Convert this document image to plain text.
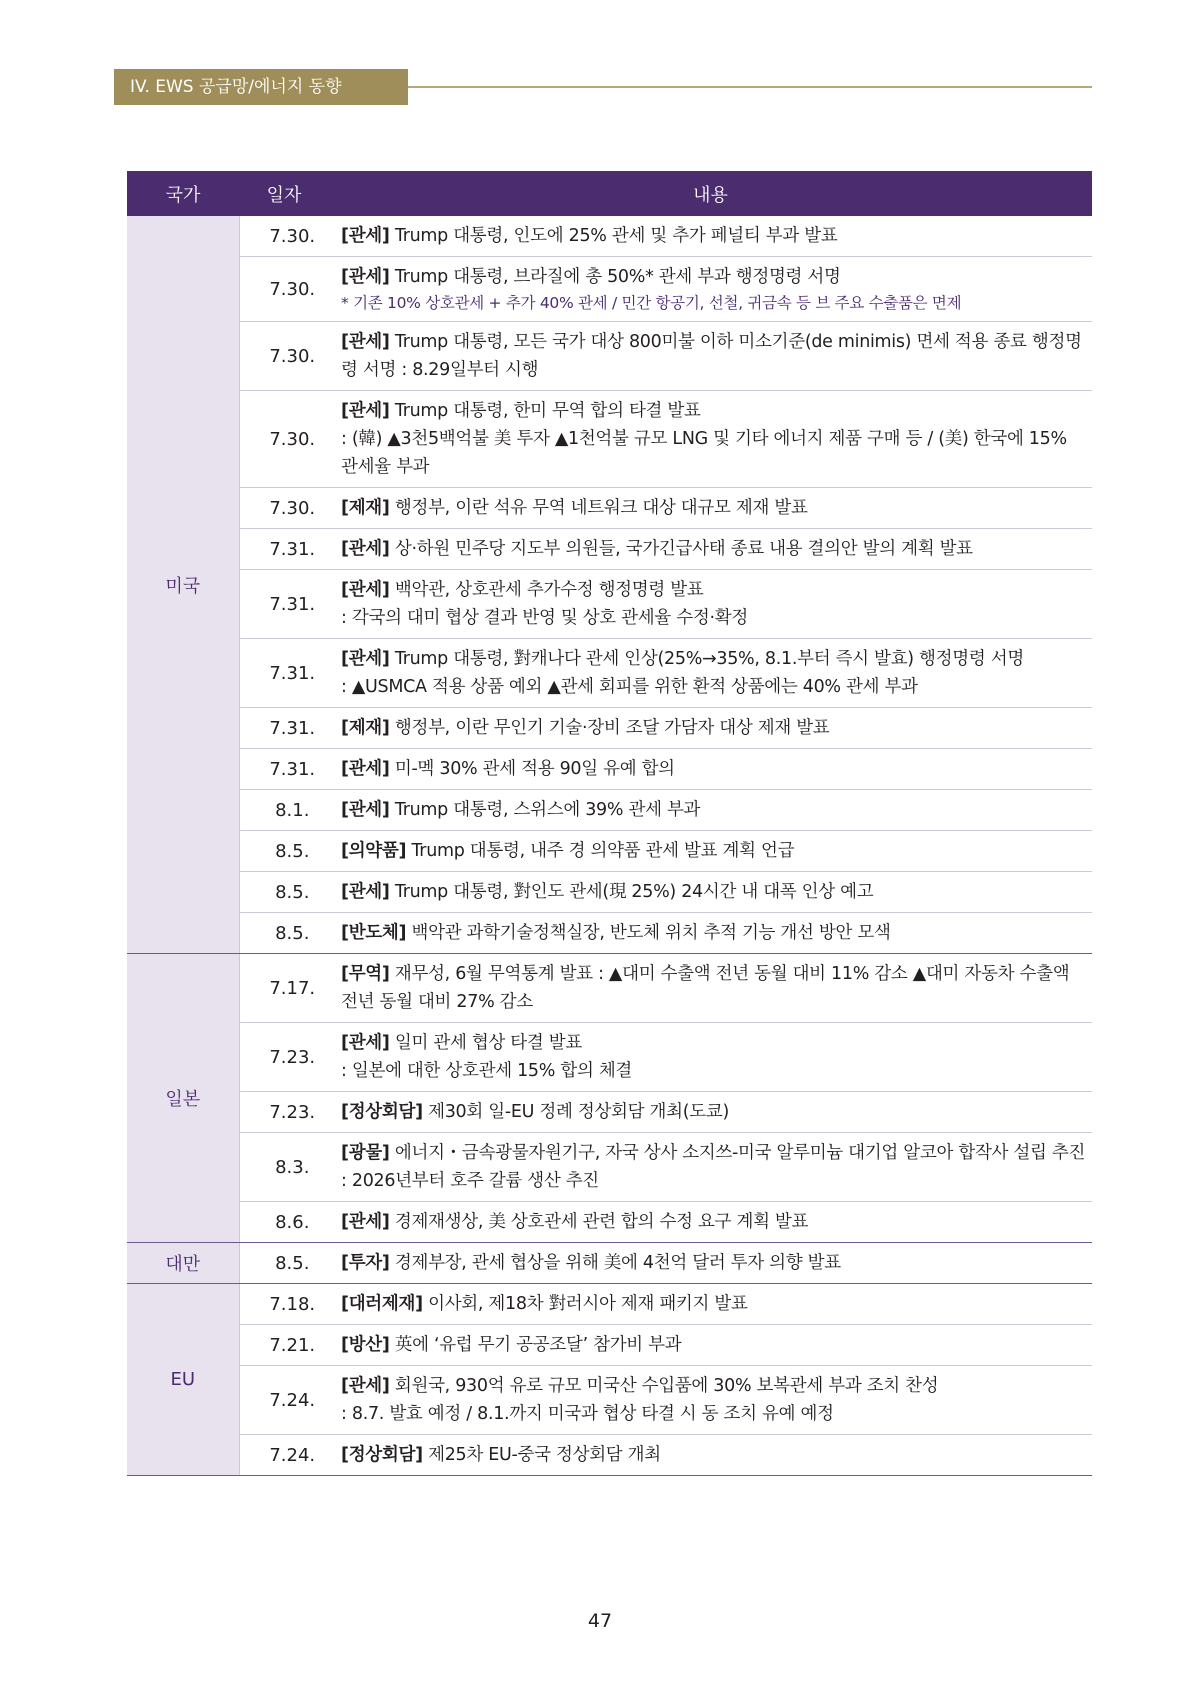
IV. EWS 공급망/에너지 동향
국가	일자	내용
미국	7.30.	[관세] Trump 대통령, 인도에 25% 관세 및 추가 페널티 부과 발표

	7.30.	[관세] Trump 대통령, 브라질에 총 50%* 관세 부과 행정명령 서명
* 기존 10% 상호관세 + 추가 40% 관세 / 민간 항공기, 선철, 귀금속 등 브 주요 수출품은 면제

	7.30.	[관세] Trump 대통령, 모든 국가 대상 800미불 이하 미소기준(de minimis) 면세 적용 종료 행정명령 서명 : 8.29일부터 시행

	7.30.	[관세] Trump 대통령, 한미 무역 합의 타결 발표
: (韓) ▲3천5백억불 美 투자 ▲1천억불 규모 LNG 및 기타 에너지 제품 구매 등 / (美) 한국에 15% 관세율 부과

	7.30.	[제재] 행정부, 이란 석유 무역 네트워크 대상 대규모 제재 발표

	7.31.	[관세] 상·하원 민주당 지도부 의원들, 국가긴급사태 종료 내용 결의안 발의 계획 발표

	7.31.	[관세] 백악관, 상호관세 추가수정 행정명령 발표
: 각국의 대미 협상 결과 반영 및 상호 관세율 수정·확정

	7.31.	[관세] Trump 대통령, 對캐나다 관세 인상(25%→35%, 8.1.부터 즉시 발효) 행정명령 서명
: ▲USMCA 적용 상품 예외 ▲관세 회피를 위한 환적 상품에는 40% 관세 부과

	7.31.	[제재] 행정부, 이란 무인기 기술·장비 조달 가담자 대상 제재 발표

	7.31.	[관세] 미-멕 30% 관세 적용 90일 유예 합의

	8.1.	[관세] Trump 대통령, 스위스에 39% 관세 부과

	8.5.	[의약품] Trump 대통령, 내주 경 의약품 관세 발표 계획 언급

	8.5.	[관세] Trump 대통령, 對인도 관세(現 25%) 24시간 내 대폭 인상 예고

	8.5.	[반도체] 백악관 과학기술정책실장, 반도체 위치 추적 기능 개선 방안 모색

일본	7.17.	[무역] 재무성, 6월 무역통계 발표 : ▲대미 수출액 전년 동월 대비 11% 감소 ▲대미 자동차 수출액 전년 동월 대비 27% 감소

	7.23.	[관세] 일미 관세 협상 타결 발표
: 일본에 대한 상호관세 15% 합의 체결

	7.23.	[정상회담] 제30회 일-EU 정례 정상회담 개최(도쿄)

	8.3.	[광물] 에너지・금속광물자원기구, 자국 상사 소지쓰-미국 알루미늄 대기업 알코아 합작사 설립 추진
: 2026년부터 호주 갈륨 생산 추진

	8.6.	[관세] 경제재생상, 美 상호관세 관련 합의 수정 요구 계획 발표

대만	8.5.	[투자] 경제부장, 관세 협상을 위해 美에 4천억 달러 투자 의향 발표

EU	7.18.	[대러제재] 이사회, 제18차 對러시아 제재 패키지 발표

	7.21.	[방산] 英에 ‘유럽 무기 공공조달’ 참가비 부과

	7.24.	[관세] 회원국, 930억 유로 규모 미국산 수입품에 30% 보복관세 부과 조치 찬성
: 8.7. 발효 예정 / 8.1.까지 미국과 협상 타결 시 동 조치 유예 예정

	7.24.	[정상회담] 제25차 EU-중국 정상회담 개최
47
